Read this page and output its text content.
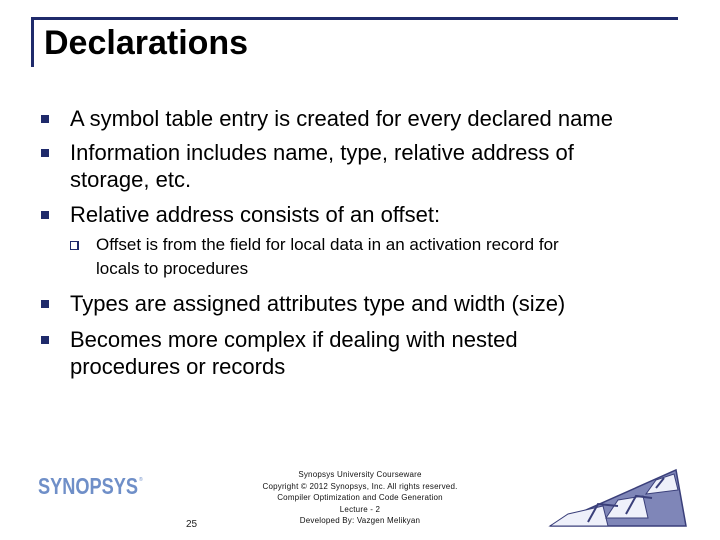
Declarations
A symbol table entry is created for every declared name
Information includes name, type, relative address of
storage, etc.
Relative address consists of an offset:
Offset is from the field for local data in an activation record for
locals to procedures
Types are assigned attributes type and width (size)
Becomes more complex if dealing with nested
procedures or records
SYNOPSYS ®
25
Synopsys University Courseware
Copyright © 2012 Synopsys, Inc. All rights reserved.
Compiler Optimization and Code Generation
Lecture - 2
Developed By: Vazgen Melikyan
